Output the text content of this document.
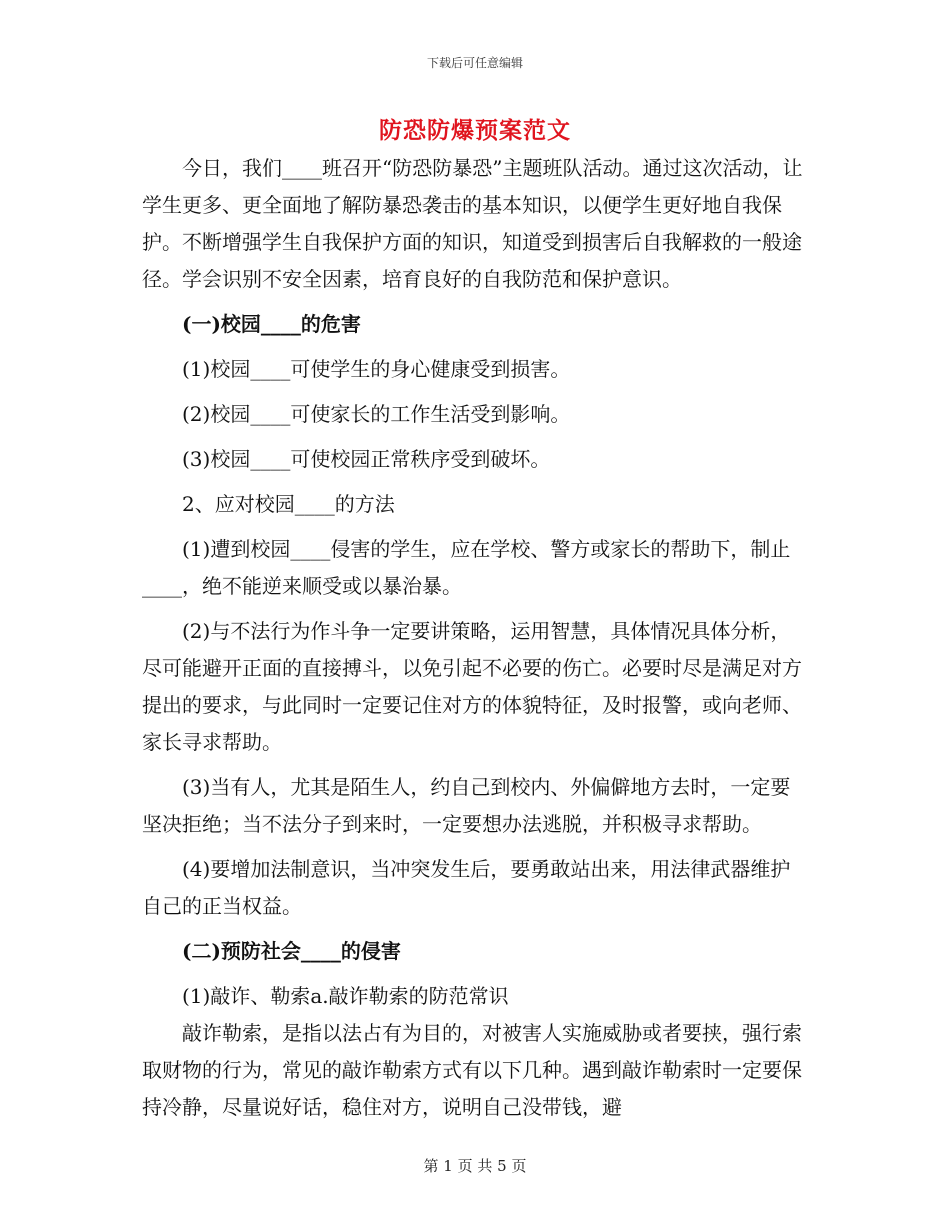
下载后可任意编辑
防恐防爆预案范文

今日，我们____班召开“防恐防暴恐”主题班队活动。通过这次活动，让学生更多、更全面地了解防暴恐袭击的基本知识，以便学生更好地自我保护。不断增强学生自我保护方面的知识，知道受到损害后自我解救的一般途径。学会识别不安全因素，培育良好的自我防范和保护意识。

(一)校园____的危害

(1)校园____可使学生的身心健康受到损害。

(2)校园____可使家长的工作生活受到影响。

(3)校园____可使校园正常秩序受到破坏。

2、应对校园____的方法

(1)遭到校园____侵害的学生，应在学校、警方或家长的帮助下，制止____，绝不能逆来顺受或以暴治暴。

(2)与不法行为作斗争一定要讲策略，运用智慧，具体情况具体分析，尽可能避开正面的直接搏斗，以免引起不必要的伤亡。必要时尽是满足对方提出的要求，与此同时一定要记住对方的体貌特征，及时报警，或向老师、家长寻求帮助。

(3)当有人，尤其是陌生人，约自己到校内、外偏僻地方去时，一定要坚决拒绝；当不法分子到来时，一定要想办法逃脱，并积极寻求帮助。

(4)要增加法制意识，当冲突发生后，要勇敢站出来，用法律武器维护自己的正当权益。

(二)预防社会____的侵害

(1)敲诈、勒索a.敲诈勒索的防范常识

敲诈勒索，是指以法占有为目的，对被害人实施威胁或者要挟，强行索取财物的行为，常见的敲诈勒索方式有以下几种。遇到敲诈勒索时一定要保持冷静，尽量说好话，稳住对方，说明自己没带钱，避

第 1 页 共 5 页
